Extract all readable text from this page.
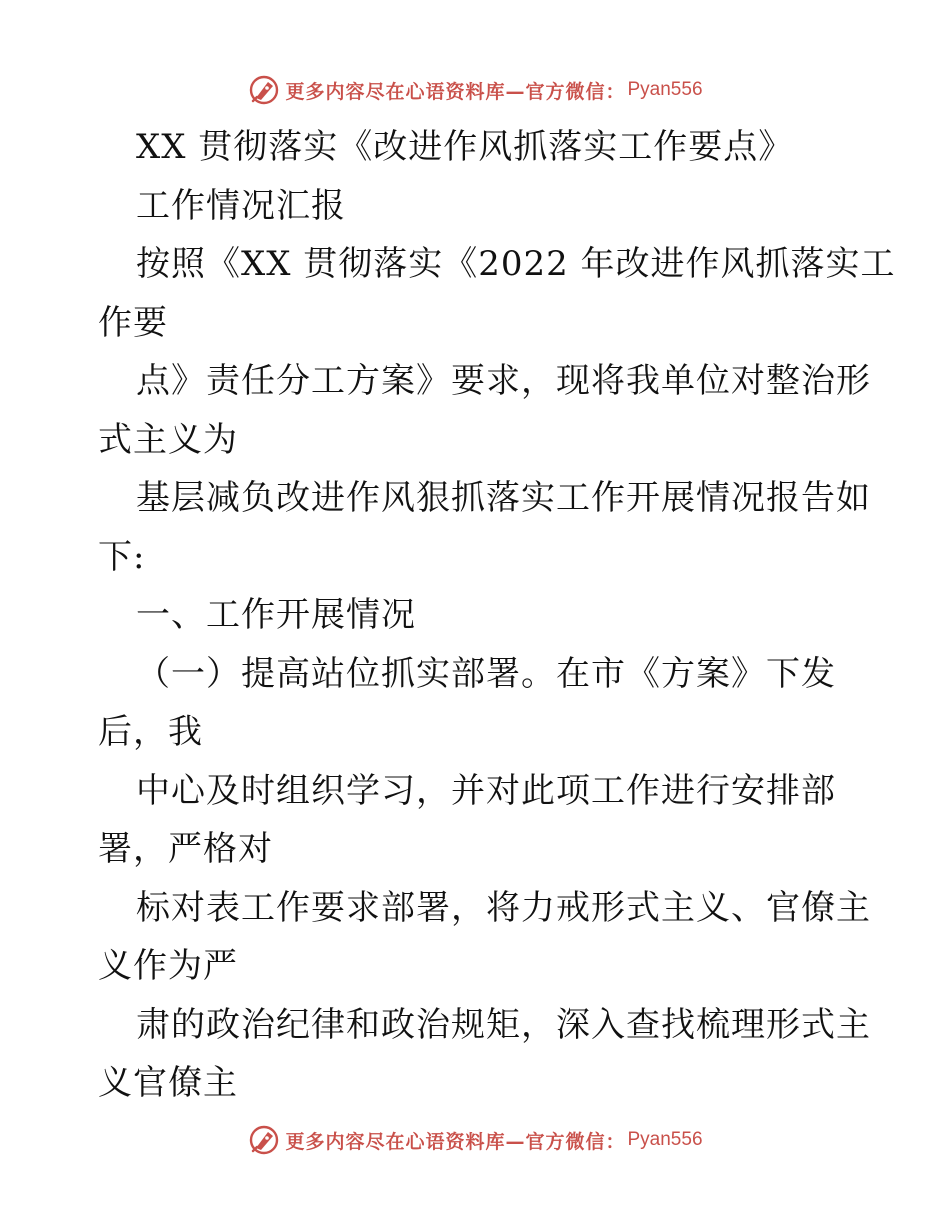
更多内容尽在心语资料库—官方微信： Pyan556
XX 贯彻落实《改进作风抓落实工作要点》
工作情况汇报
按照《XX 贯彻落实《2022 年改进作风抓落实工
作要
点》责任分工方案》要求，现将我单位对整治形
式主义为
基层减负改进作风狠抓落实工作开展情况报告如
下:
一、工作开展情况
（一）提高站位抓实部署。在市《方案》下发
后，我
中心及时组织学习，并对此项工作进行安排部
署，严格对
标对表工作要求部署，将力戒形式主义、官僚主
义作为严
肃的政治纪律和政治规矩，深入查找梳理形式主
义官僚主
更多内容尽在心语资料库—官方微信： Pyan556
